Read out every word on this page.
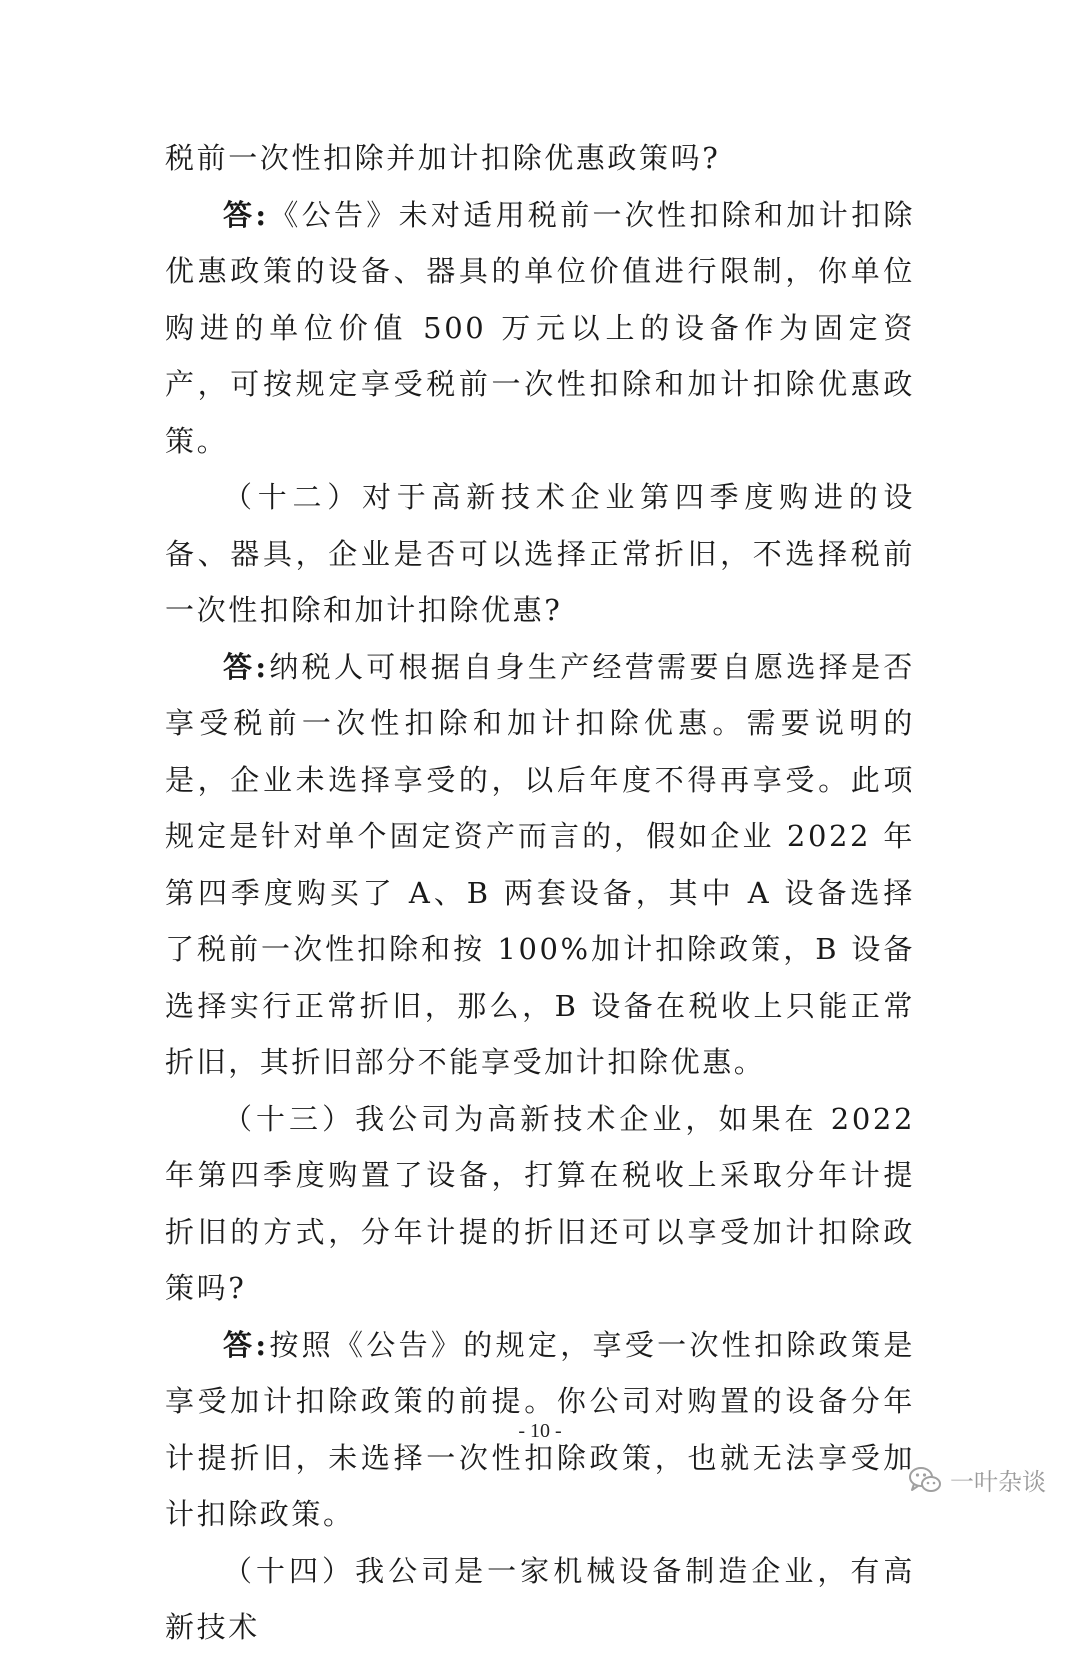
税前一次性扣除并加计扣除优惠政策吗?

答:《公告》未对适用税前一次性扣除和加计扣除优惠政策的设备、器具的单位价值进行限制，你单位购进的单位价值 500 万元以上的设备作为固定资产，可按规定享受税前一次性扣除和加计扣除优惠政策。

（十二）对于高新技术企业第四季度购进的设备、器具，企业是否可以选择正常折旧，不选择税前一次性扣除和加计扣除优惠?

答:纳税人可根据自身生产经营需要自愿选择是否享受税前一次性扣除和加计扣除优惠。需要说明的是，企业未选择享受的，以后年度不得再享受。此项规定是针对单个固定资产而言的，假如企业 2022 年第四季度购买了 A、B 两套设备，其中 A 设备选择了税前一次性扣除和按 100%加计扣除政策，B 设备选择实行正常折旧，那么，B 设备在税收上只能正常折旧，其折旧部分不能享受加计扣除优惠。

（十三）我公司为高新技术企业，如果在 2022 年第四季度购置了设备，打算在税收上采取分年计提折旧的方式，分年计提的折旧还可以享受加计扣除政策吗?

答:按照《公告》的规定，享受一次性扣除政策是享受加计扣除政策的前提。你公司对购置的设备分年计提折旧，未选择一次性扣除政策，也就无法享受加计扣除政策。

（十四）我公司是一家机械设备制造企业，有高新技术

- 10 -
一叶杂谈
